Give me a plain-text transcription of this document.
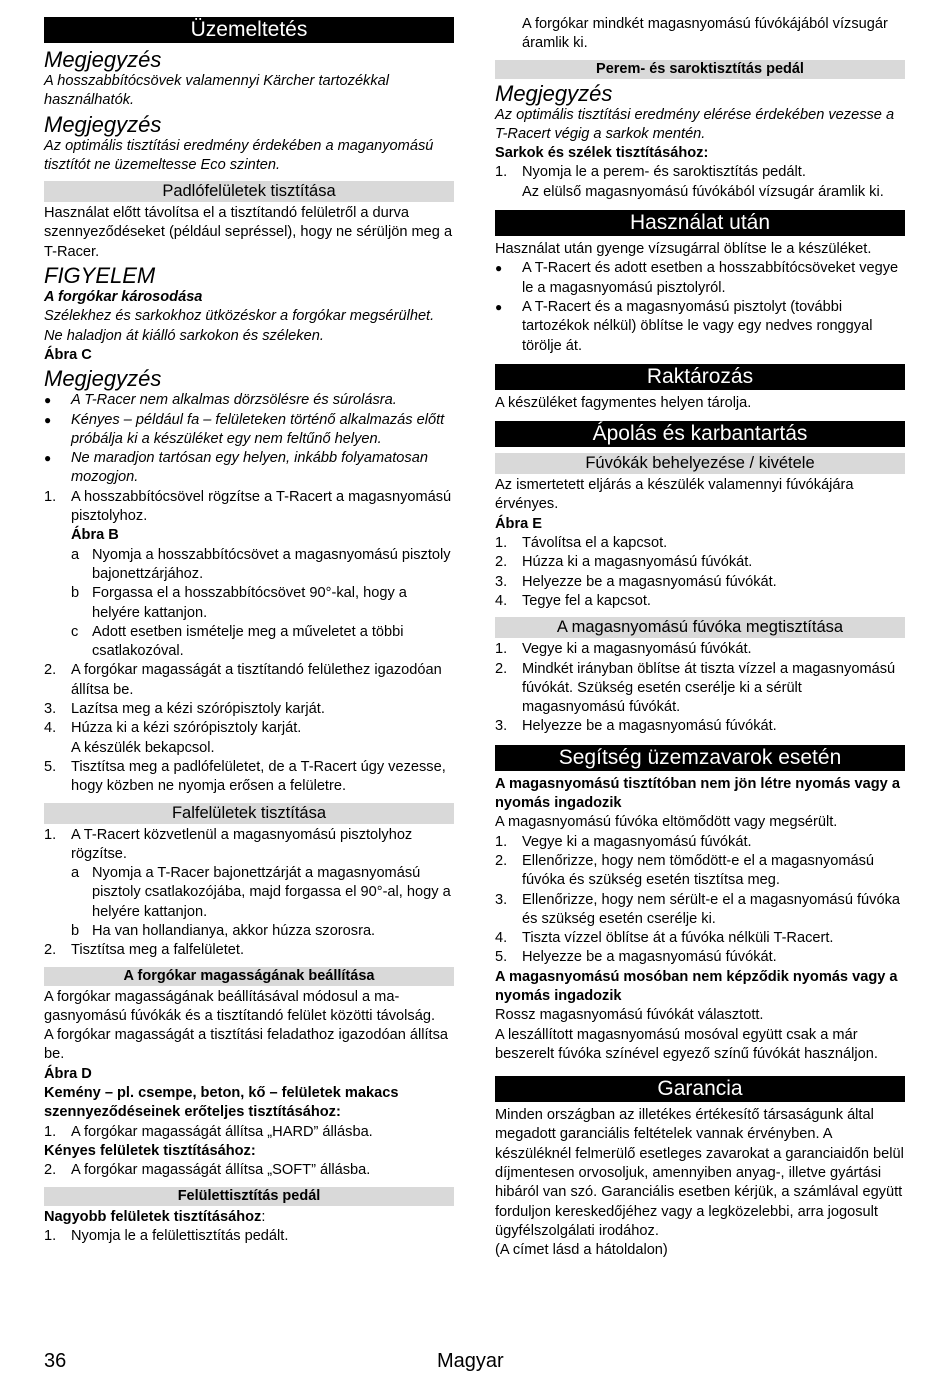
Üzemeltetés
Megjegyzés
A hosszabbítócsövek valamennyi Kärcher tartozékkal használhatók.
Megjegyzés
Az optimális tisztítási eredmény érdekében a maganyomású tisztítót ne üzemeltesse Eco szinten.
Padlófelületek tisztítása
Használat előtt távolítsa el a tisztítandó felületről a durva szennyeződéseket (például sepréssel), hogy ne sérüljön meg a T-Racer.
FIGYELEM
A forgókar károsodása
Szélekhez és sarkokhoz ütközéskor a forgókar megsérülhet.
Ne haladjon át kiálló sarkokon és széleken.
Ábra C
Megjegyzés
● A T-Racer nem alkalmas dörzsölésre és súrolásra.
● Kényes – például fa – felületeken történő alkalmazás előtt próbálja ki a készüléket egy nem feltűnő helyen.
● Ne maradjon tartósan egy helyen, inkább folyamatosan mozogjon.
1. A hosszabbítócsövel rögzítse a T-Racert a magasnyomású pisztolyhoz.
Ábra B
a Nyomja a hosszabbítócsövet a magasnyomású pisztoly bajonettzárjához.
b Forgassa el a hosszabbítócsövet 90°-kal, hogy a helyére kattanjon.
c Adott esetben ismételje meg a műveletet a többi csatlakozóval.
2. A forgókar magasságát a tisztítandó felülethez igazodóan állítsa be.
3. Lazítsa meg a kézi szórópisztoly karját.
4. Húzza ki a kézi szórópisztoly karját.
A készülék bekapcsol.
5. Tisztítsa meg a padlófelületet, de a T-Racert úgy vezesse, hogy közben ne nyomja erősen a felületre.
Falfelületek tisztítása
1. A T-Racert közvetlenül a magasnyomású pisztolyhoz rögzítse.
a Nyomja a T-Racer bajonettzárját a magasnyomású pisztoly csatlakozójába, majd forgassa el 90°-al, hogy a helyére kattanjon.
b Ha van hollandianya, akkor húzza szorosra.
2. Tisztítsa meg a falfelületet.
A forgókar magasságának beállítása
A forgókar magasságának beállításával módosul a magasnyomású fúvókák és a tisztítandó felület közötti távolság.
A forgókar magasságát a tisztítási feladathoz igazodóan állítsa be.
Ábra D
Kemény – pl. csempe, beton, kő – felületek makacs szennyeződéseinek erőteljes tisztításához:
1. A forgókar magasságát állítsa „HARD” állásba.
Kényes felületek tisztításához:
2. A forgókar magasságát állítsa „SOFT” állásba.
Felülettisztítás pedál
Nagyobb felületek tisztításához:
1. Nyomja le a felülettisztítás pedált.
A forgókar mindkét magasnyomású fúvókájából vízsugár áramlik ki.
Perem- és saroktisztítás pedál
Megjegyzés
Az optimális tisztítási eredmény elérése érdekében vezesse a T-Racert végig a sarkok mentén.
Sarkok és szélek tisztításához:
1. Nyomja le a perem- és saroktisztítás pedált.
Az elülső magasnyomású fúvókából vízsugár áramlik ki.
Használat után
Használat után gyenge vízsugárral öblítse le a készüléket.
● A T-Racert és adott esetben a hosszabbítócsöveket vegye le a magasnyomású pisztolyról.
● A T-Racert és a magasnyomású pisztolyt (további tartozékok nélkül) öblítse le vagy egy nedves ronggyal törölje át.
Raktározás
A készüléket fagymentes helyen tárolja.
Ápolás és karbantartás
Fúvókák behelyezése / kivétele
Az ismertetett eljárás a készülék valamennyi fúvókájára érvényes.
Ábra E
1. Távolítsa el a kapcsot.
2. Húzza ki a magasnyomású fúvókát.
3. Helyezze be a magasnyomású fúvókát.
4. Tegye fel a kapcsot.
A magasnyomású fúvóka megtisztítása
1. Vegye ki a magasnyomású fúvókát.
2. Mindkét irányban öblítse át tiszta vízzel a magasnyomású fúvókát. Szükség esetén cserélje ki a sérült magasnyomású fúvókát.
3. Helyezze be a magasnyomású fúvókát.
Segítség üzemzavarok esetén
A magasnyomású tisztítóban nem jön létre nyomás vagy a nyomás ingadozik
A magasnyomású fúvóka eltömődött vagy megsérült.
1. Vegye ki a magasnyomású fúvókát.
2. Ellenőrizze, hogy nem tömődött-e el a magasnyomású fúvóka és szükség esetén tisztítsa meg.
3. Ellenőrizze, hogy nem sérült-e el a magasnyomású fúvóka és szükség esetén cserélje ki.
4. Tiszta vízzel öblítse át a fúvóka nélküli T-Racert.
5. Helyezze be a magasnyomású fúvókát.
A magasnyomású mosóban nem képződik nyomás vagy a nyomás ingadozik
Rossz magasnyomású fúvókát választott.
A leszállított magasnyomású mosóval együtt csak a már beszerelt fúvóka színével egyező színű fúvókát használjon.
Garancia
Minden országban az illetékes értékesítő társaságunk által megadott garanciális feltételek vannak érvényben. A készüléknél felmerülő esetleges zavarokat a garanciaidőn belül díjmentesen orvosoljuk, amennyiben anyag-, illetve gyártási hibáról van szó. Garanciális esetben kérjük, a számlával együtt forduljon kereskedőjéhez vagy a legközelebbi, arra jogosult ügyfélszolgálati irodához.
(A címet lásd a hátoldalon)
36	Magyar
